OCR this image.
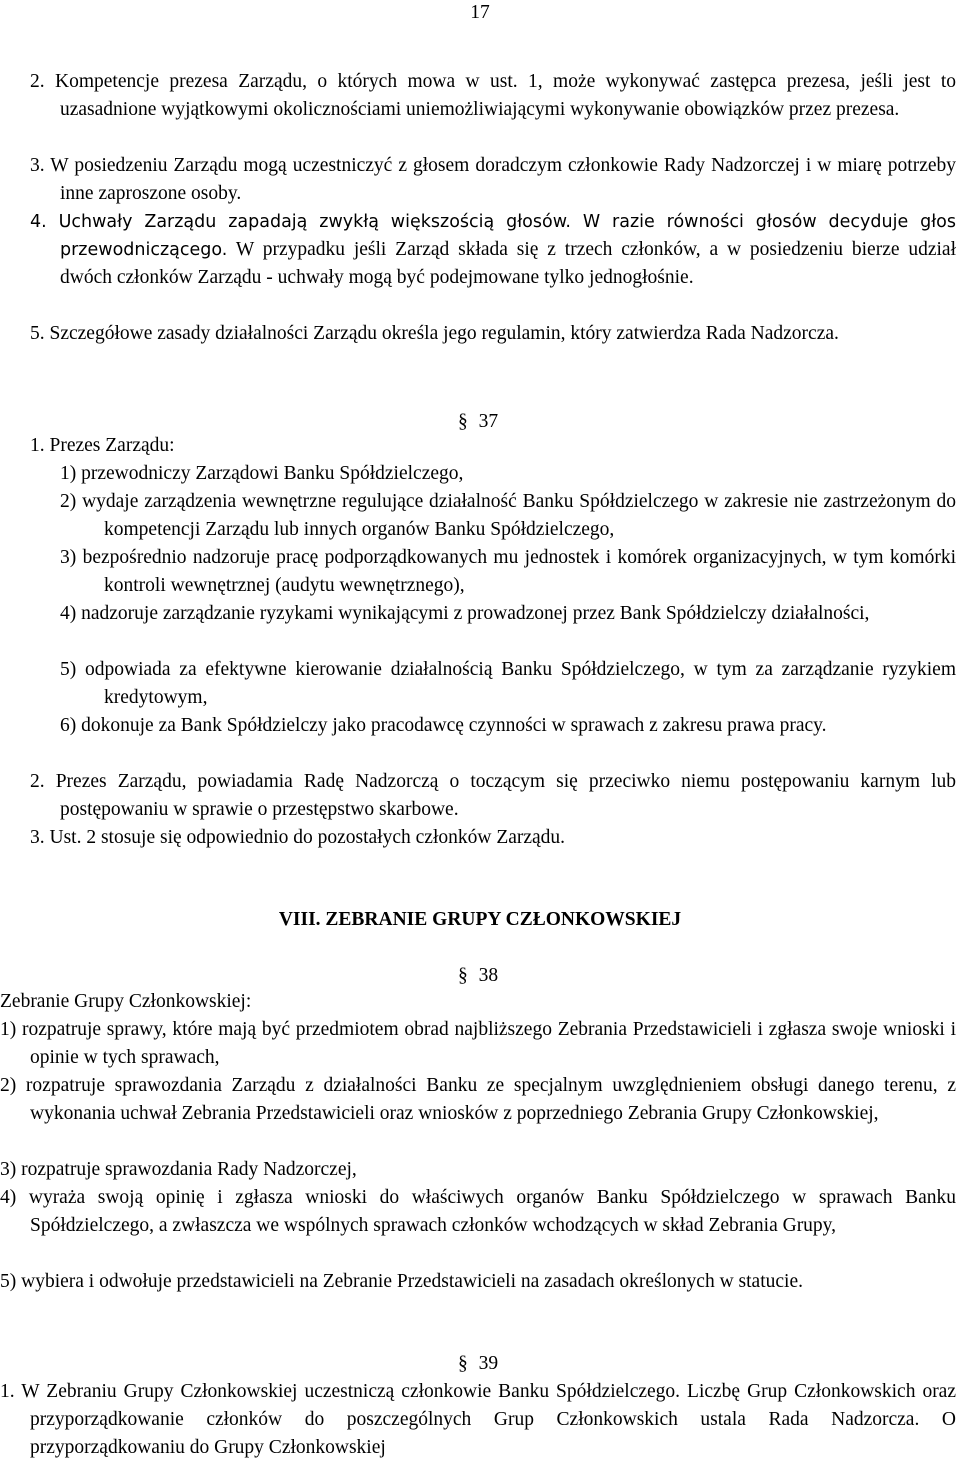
17
2. Kompetencje prezesa Zarządu, o których mowa w ust. 1, może wykonywać zastępca prezesa, jeśli jest to uzasadnione wyjątkowymi okolicznościami uniemożliwiającymi wykonywanie obowiązków przez prezesa.
3. W posiedzeniu Zarządu mogą uczestniczyć z głosem doradczym członkowie Rady Nadzorczej i w miarę potrzeby inne zaproszone osoby.
4. Uchwały Zarządu zapadają zwykłą większością głosów. W razie równości głosów decyduje głos przewodniczącego. W przypadku jeśli Zarząd składa się z trzech członków, a w posiedzeniu bierze udział dwóch członków Zarządu - uchwały mogą być podejmowane tylko jednogłośnie.
5. Szczegółowe zasady działalności Zarządu określa jego regulamin, który zatwierdza Rada Nadzorcza.
§ 37
1. Prezes Zarządu:
1) przewodniczy Zarządowi Banku Spółdzielczego,
2) wydaje zarządzenia wewnętrzne regulujące działalność Banku Spółdzielczego w zakresie nie zastrzeżonym do kompetencji Zarządu lub innych organów Banku Spółdzielczego,
3) bezpośrednio nadzoruje pracę podporządkowanych mu jednostek i komórek organizacyjnych, w tym komórki kontroli wewnętrznej (audytu wewnętrznego),
4) nadzoruje zarządzanie ryzykami wynikającymi z prowadzonej przez Bank Spółdzielczy działalności,
5) odpowiada za efektywne kierowanie działalnością Banku Spółdzielczego, w tym za zarządzanie ryzykiem kredytowym,
6) dokonuje za Bank Spółdzielczy jako pracodawcę czynności w sprawach z zakresu prawa pracy.
2. Prezes Zarządu, powiadamia Radę Nadzorczą o toczącym się przeciwko niemu postępowaniu karnym lub postępowaniu w sprawie o przestępstwo skarbowe.
3. Ust. 2 stosuje się odpowiednio do pozostałych członków Zarządu.
VIII. ZEBRANIE GRUPY CZŁONKOWSKIEJ
§ 38
Zebranie Grupy Członkowskiej:
1) rozpatruje sprawy, które mają być przedmiotem obrad najbliższego Zebrania Przedstawicieli i zgłasza swoje wnioski i opinie w tych sprawach,
2) rozpatruje sprawozdania Zarządu z działalności Banku ze specjalnym uwzględnieniem obsługi danego terenu, z wykonania uchwał Zebrania Przedstawicieli oraz wniosków z poprzedniego Zebrania Grupy Członkowskiej,
3) rozpatruje sprawozdania Rady Nadzorczej,
4) wyraża swoją opinię i zgłasza wnioski do właściwych organów Banku Spółdzielczego w sprawach Banku Spółdzielczego, a zwłaszcza we wspólnych sprawach członków wchodzących w skład Zebrania Grupy,
5) wybiera i odwołuje przedstawicieli na Zebranie Przedstawicieli na zasadach określonych w statucie.
§ 39
1. W Zebraniu Grupy Członkowskiej uczestniczą członkowie Banku Spółdzielczego. Liczbę Grup Członkowskich oraz przyporządkowanie członków do poszczególnych Grup Członkowskich ustala Rada Nadzorcza. O przyporządkowaniu do Grupy Członkowskiej
